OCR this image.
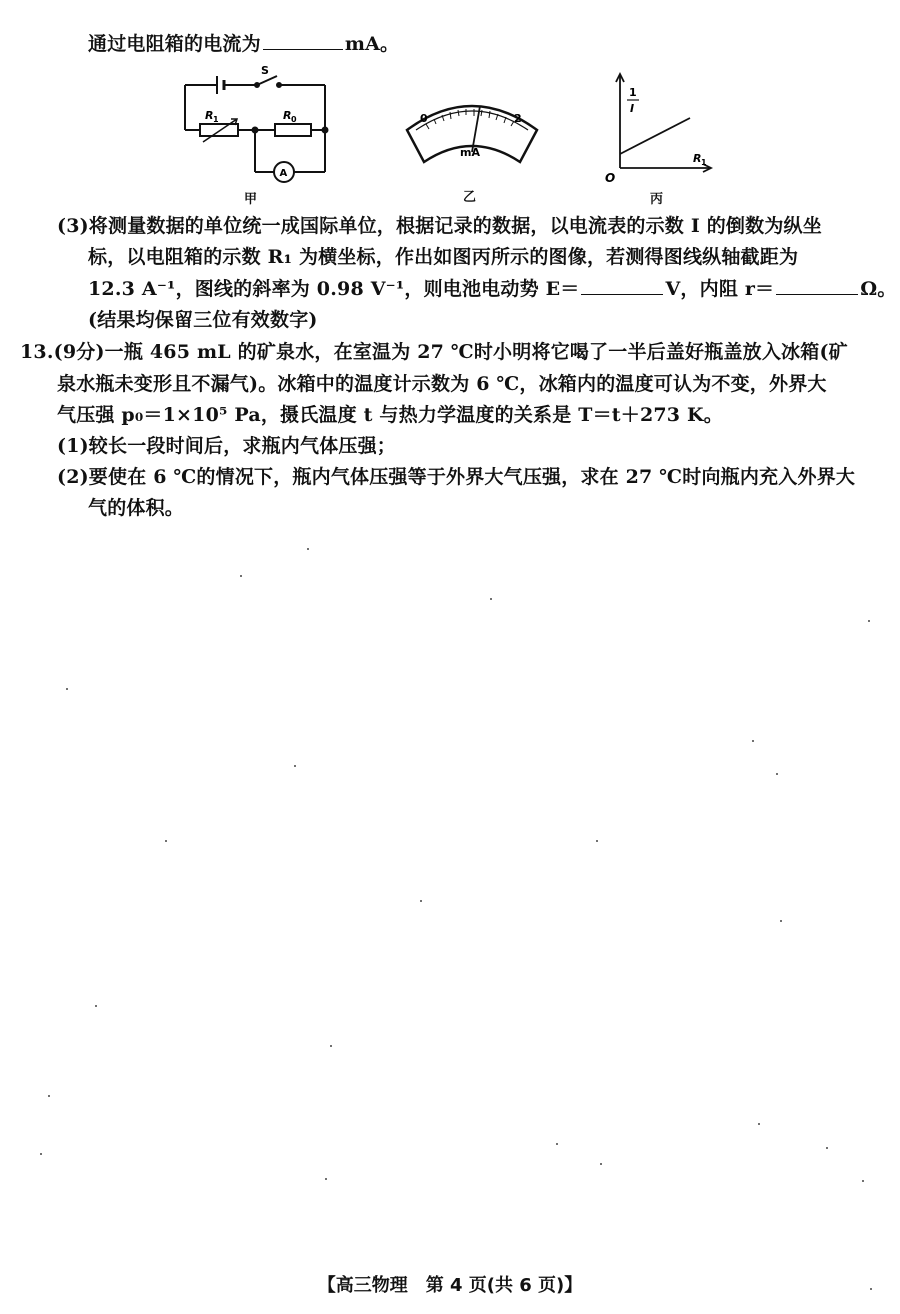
通过电阻箱的电流为	mA。
S
R 1	R 0
A
甲
0	2
mA
乙
1
I
R 1
O
丙
(3)将测量数据的单位统一成国际单位，根据记录的数据，以电流表的示数 I 的倒数为纵坐
标，以电阻箱的示数 R₁ 为横坐标，作出如图丙所示的图像，若测得图线纵轴截距为
12.3 A⁻¹，图线的斜率为 0.98 V⁻¹，则电池电动势 E＝	V，内阻 r＝	Ω。
(结果均保留三位有效数字)
13.(9分)一瓶 465 mL 的矿泉水，在室温为 27 ℃时小明将它喝了一半后盖好瓶盖放入冰箱(矿
泉水瓶未变形且不漏气)。冰箱中的温度计示数为 6 ℃，冰箱内的温度可认为不变，外界大
气压强 p₀＝1×10⁵ Pa，摄氏温度 t 与热力学温度的关系是 T＝t＋273 K。
(1)较长一段时间后，求瓶内气体压强；
(2)要使在 6 ℃的情况下，瓶内气体压强等于外界大气压强，求在 27 ℃时向瓶内充入外界大
气的体积。
【高三物理　第 4 页(共 6 页)】
